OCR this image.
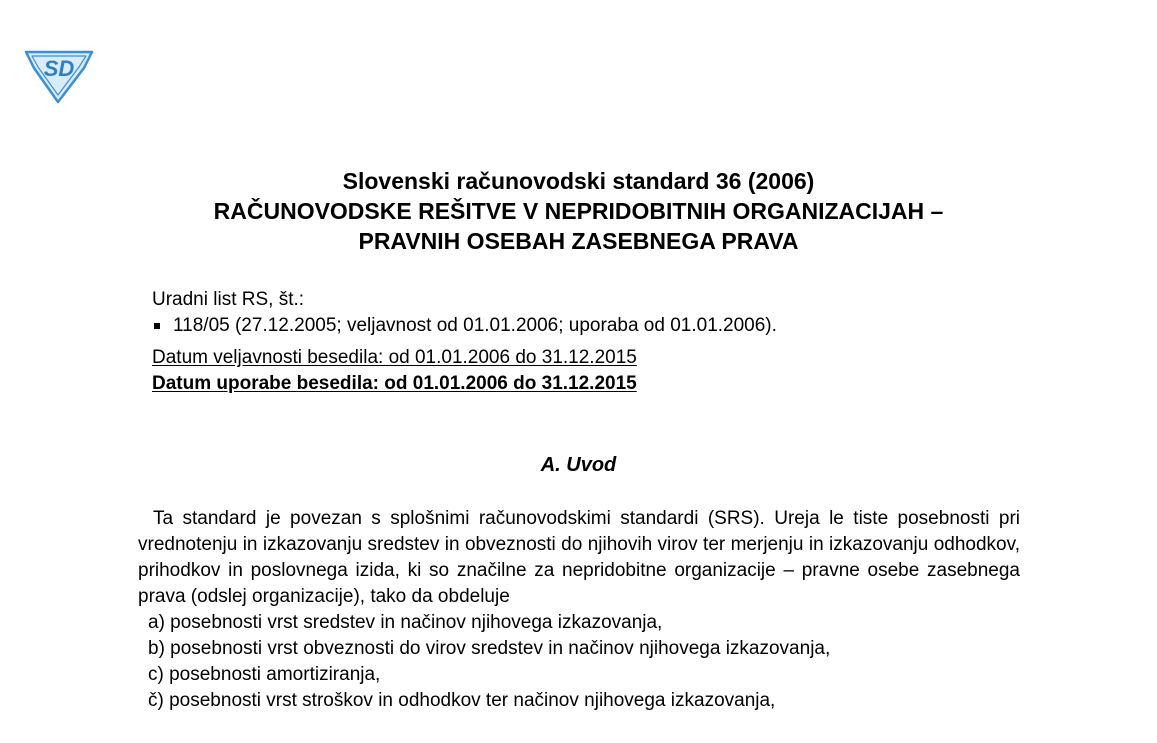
SD
Slovenski računovodski standard 36 (2006)
RAČUNOVODSKE REŠITVE V NEPRIDOBITNIH ORGANIZACIJAH –
PRAVNIH OSEBAH ZASEBNEGA PRAVA
Uradni list RS, št.:
118/05 (27.12.2005; veljavnost od 01.01.2006; uporaba od 01.01.2006).
Datum veljavnosti besedila: od 01.01.2006 do 31.12.2015
Datum uporabe besedila: od 01.01.2006 do 31.12.2015
A. Uvod
Ta standard je povezan s splošnimi računovodskimi standardi (SRS). Ureja le tiste posebnosti pri vrednotenju in izkazovanju sredstev in obveznosti do njihovih virov ter merjenju in izkazovanju odhodkov, prihodkov in poslovnega izida, ki so značilne za nepridobitne organizacije – pravne osebe zasebnega prava (odslej organizacije), tako da obdeluje
a) posebnosti vrst sredstev in načinov njihovega izkazovanja,
b) posebnosti vrst obveznosti do virov sredstev in načinov njihovega izkazovanja,
c) posebnosti amortiziranja,
č) posebnosti vrst stroškov in odhodkov ter načinov njihovega izkazovanja,
